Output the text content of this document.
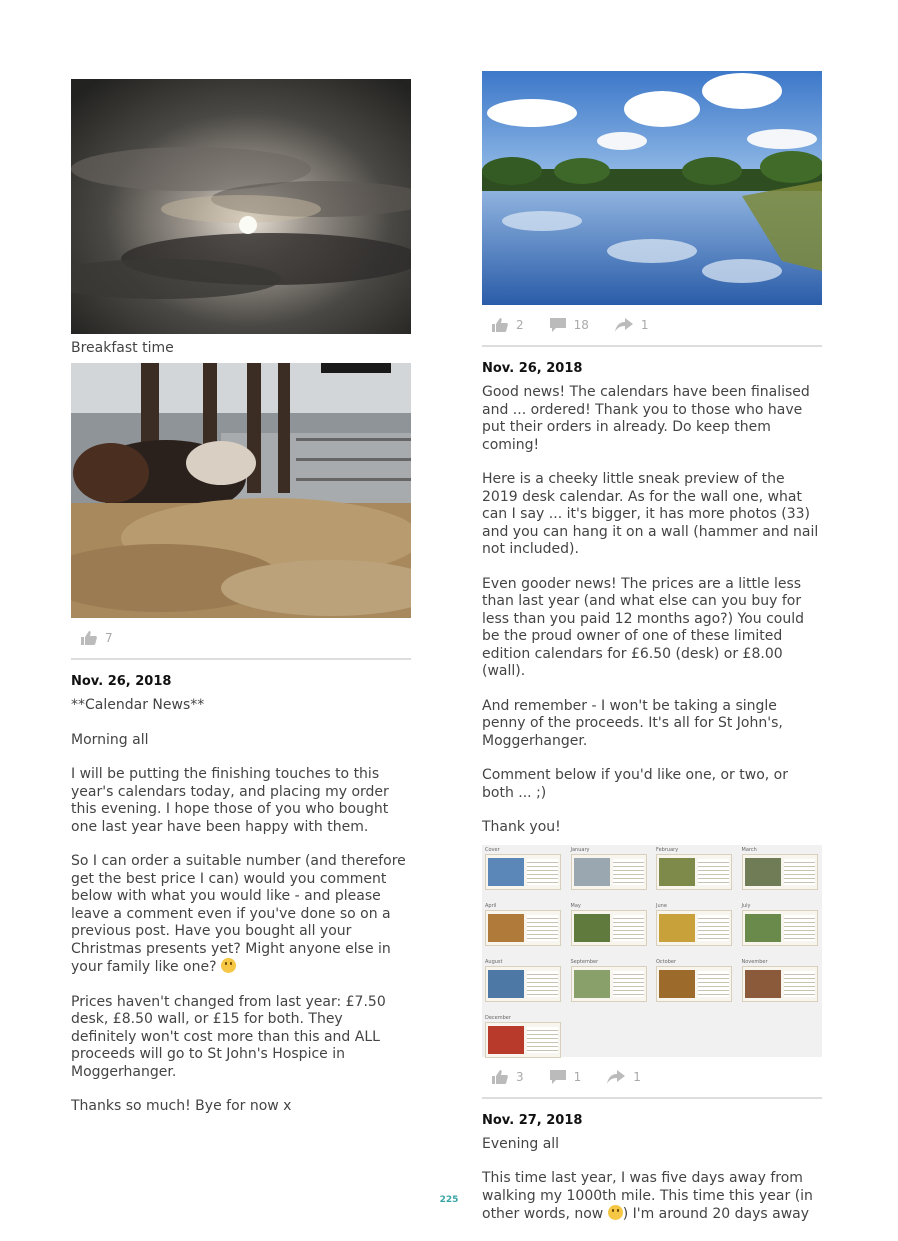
Breakfast time
7
Nov. 26, 2018

**Calendar News**

Morning all

I will be putting the finishing touches to this year's calendars today, and placing my order this evening. I hope those of you who bought one last year have been happy with them.

So I can order a suitable number (and therefore get the best price I can) would you comment below with what you would like - and please leave a comment even if you've done so on a previous post. Have you bought all your Christmas presents yet? Might anyone else in your family like one?

Prices haven't changed from last year: £7.50 desk, £8.50 wall, or £15 for both. They definitely won't cost more than this and ALL proceeds will go to St John's Hospice in Moggerhanger.

Thanks so much! Bye for now x

2	18	1
Nov. 26, 2018

Good news! The calendars have been finalised and ... ordered! Thank you to those who have put their orders in already. Do keep them coming!

Here is a cheeky little sneak preview of the 2019 desk calendar. As for the wall one, what can I say ... it's bigger, it has more photos (33) and you can hang it on a wall (hammer and nail not included).

Even gooder news! The prices are a little less than last year (and what else can you buy for less than you paid 12 months ago?) You could be the proud owner of one of these limited edition calendars for £6.50 (desk) or £8.00 (wall).

And remember - I won't be taking a single penny of the proceeds. It's all for St John's, Moggerhanger.

Comment below if you'd like one, or two, or both ... ;)

Thank you!

Cover	January	February	March
April	May	June	July
August	September	October	November
December
3	1	1
Nov. 27, 2018

Evening all

This time last year, I was five days away from walking my 1000th mile. This time this year (in other words, now ) I'm around 20 days away

225
